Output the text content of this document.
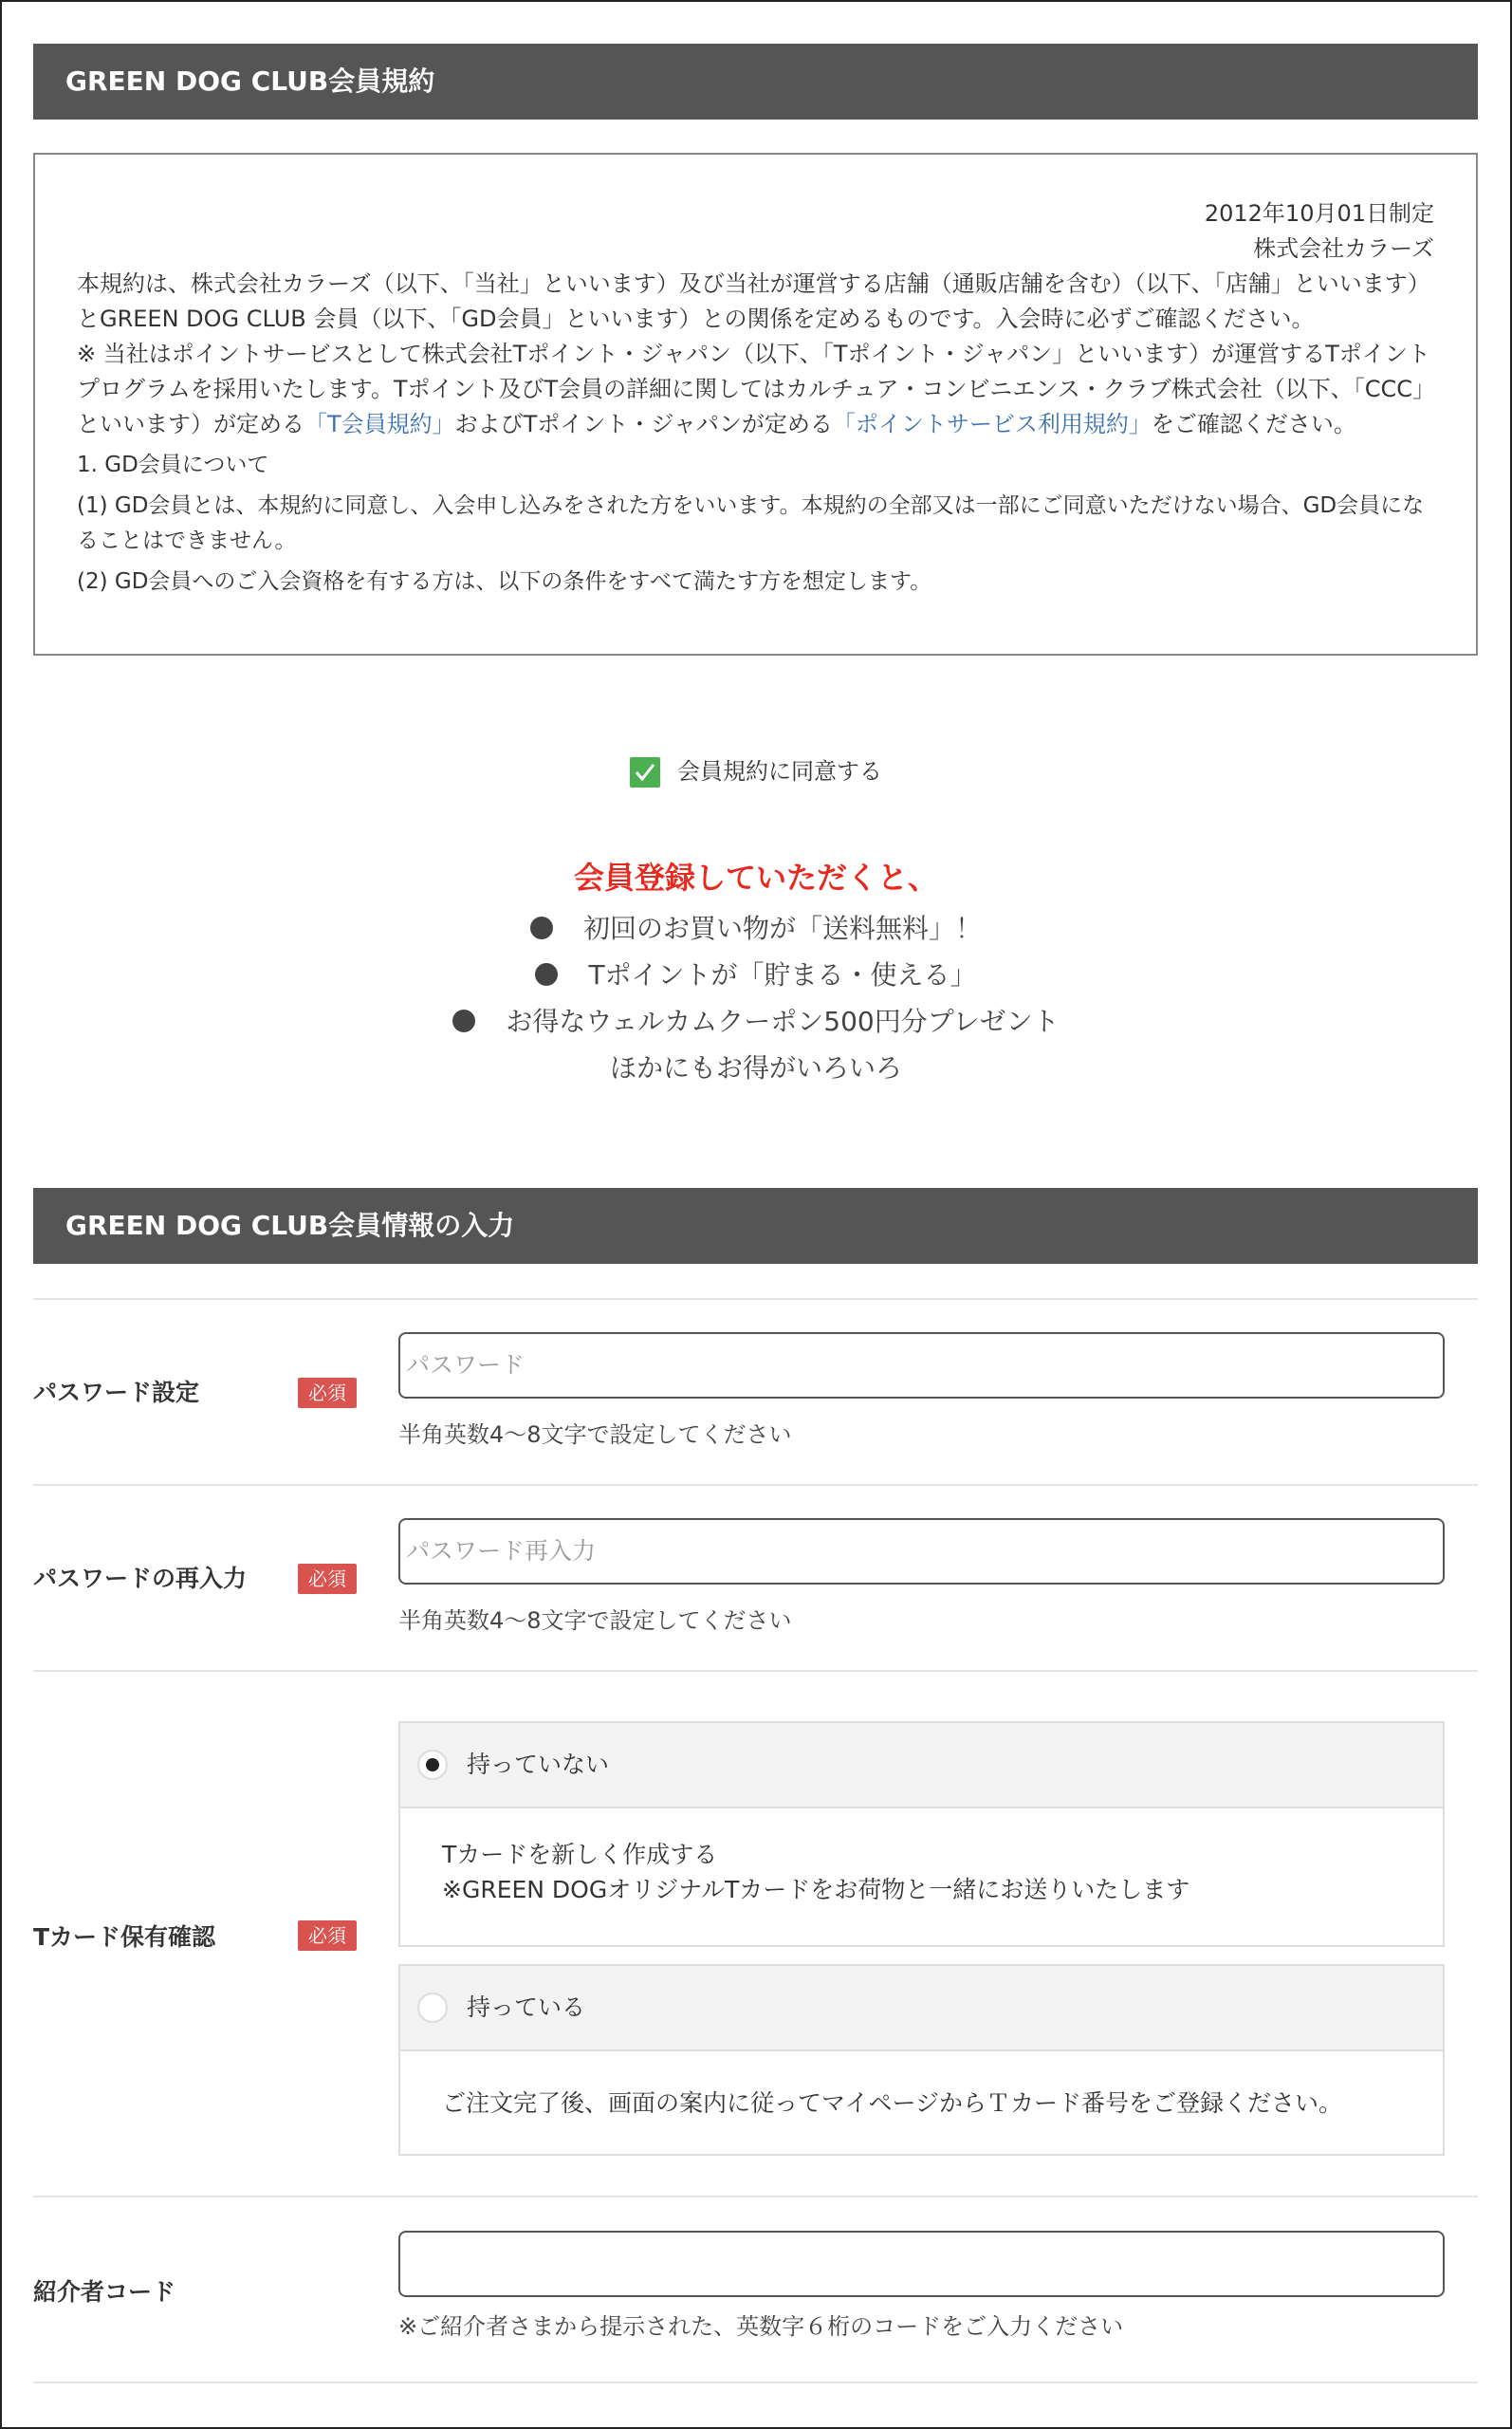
GREEN DOG CLUB会員規約

2012年10月01日制定

株式会社カラーズ

本規約は、株式会社カラーズ（以下、「当社」といいます）及び当社が運営する店舗（通販店舗を含む）（以下、「店舗」といいます）とGREEN DOG CLUB 会員（以下、「GD会員」といいます）との関係を定めるものです。入会時に必ずご確認ください。

※ 当社はポイントサービスとして株式会社Tポイント・ジャパン（以下、「Tポイント・ジャパン」といいます）が運営するTポイントプログラムを採用いたします。Tポイント及びT会員の詳細に関してはカルチュア・コンビニエンス・クラブ株式会社（以下、「CCC」といいます）が定める「T会員規約」およびTポイント・ジャパンが定める「ポイントサービス利用規約」をご確認ください。

1. GD会員について

(1) GD会員とは、本規約に同意し、入会申し込みをされた方をいいます。本規約の全部又は一部にご同意いただけない場合、GD会員になることはできません。

(2) GD会員へのご入会資格を有する方は、以下の条件をすべて満たす方を想定します。

会員規約に同意する
会員登録していただくと、
初回のお買い物が「送料無料」！
Tポイントが「貯まる・使える」
お得なウェルカムクーポン500円分プレゼント
ほかにもお得がいろいろ
GREEN DOG CLUB会員情報の入力
パスワード設定	必須
パスワード
半角英数4〜8文字で設定してください
パスワードの再入力	必須
パスワード再入力
半角英数4〜8文字で設定してください
Tカード保有確認	必須
持っていない
Tカードを新しく作成する
※GREEN DOGオリジナルTカードをお荷物と一緒にお送りいたします
持っている
ご注文完了後、画面の案内に従ってマイページからＴカード番号をご登録ください。
紹介者コード
※ご紹介者さまから提示された、英数字６桁のコードをご入力ください
